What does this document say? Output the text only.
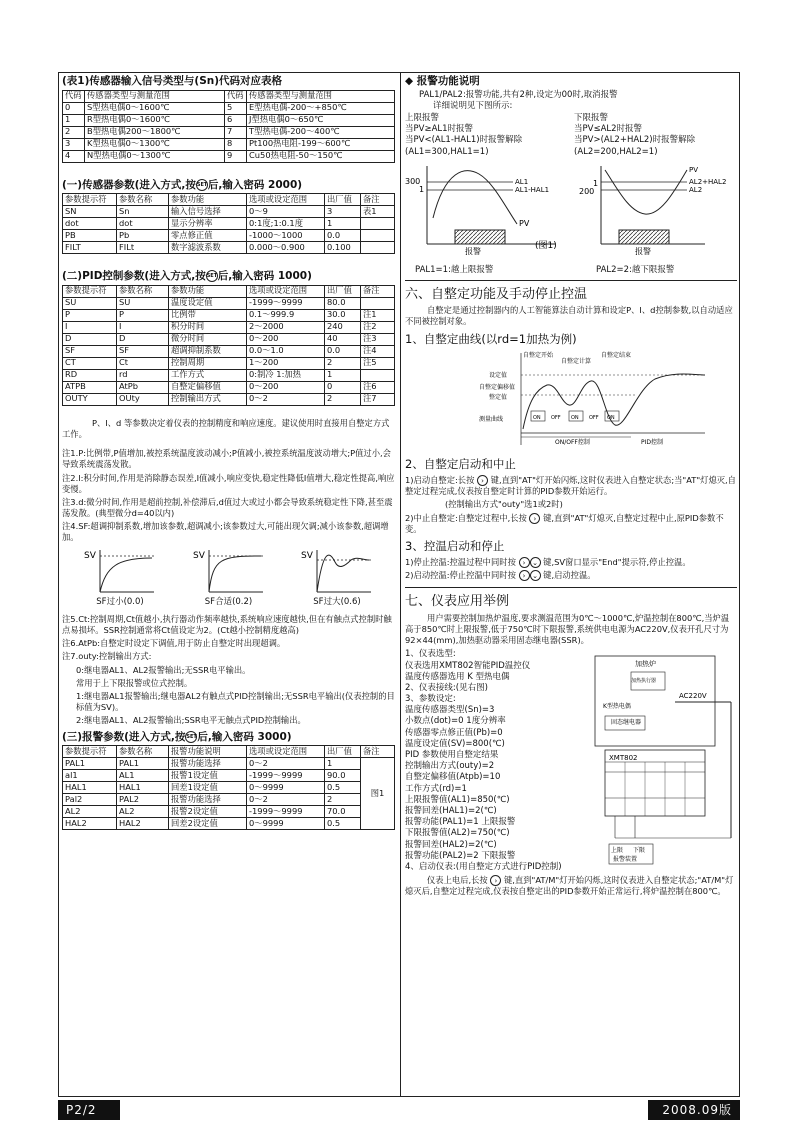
(表1)传感器输入信号类型与(Sn)代码对应表格
代码	传感器类型与测量范围	代码	传感器类型与测量范围
0	S型热电偶0～1600℃	5	E型热电偶-200～+850℃
1	R型热电偶0～1600℃	6	J型热电偶0～650℃
2	B型热电偶200～1800℃	7	T型热电偶-200～400℃
3	K型热电偶0～1300℃	8	Pt100热电阻-199～600℃
4	N型热电偶0～1300℃	9	Cu50热电阻-50～150℃
(一)传感器参数(进入方式,按SET后,输入密码 2000)
参数提示符	参数名称	参数功能	选项或设定范围	出厂值	备注
SN	Sn	输入信号选择	0～9	3	表1
dot	dot	显示分辨率	0:1度;1:0.1度	1	
PB	Pb	零点修正值	-1000～1000	0.0	
FILT	FILt	数字滤波系数	0.000～0.900	0.100	
(二)PID控制参数(进入方式,按SET后,输入密码 1000)
参数提示符	参数名称	参数功能	选项或设定范围	出厂值	备注
SU	SU	温度设定值	-1999～9999	80.0	
P	P	比例带	0.1～999.9	30.0	注1
I	I	积分时间	2～2000	240	注2
D	D	微分时间	0～200	40	注3
SF	SF	超调抑制系数	0.0～1.0	0.0	注4
CT	Ct	控制周期	1～200	2	注5
RD	rd	工作方式	0:制冷 1:加热	1	
ATPB	AtPb	自整定偏移值	0～200	0	注6
OUTY	OUty	控制输出方式	0～2	2	注7
P、I、d 等参数决定着仪表的控制精度和响应速度。建议使用时直接用自整定方式工作。
注1.P:比例带,P值增加,被控系统温度波动减小;P值减小,被控系统温度波动增大;P值过小,会导致系统震荡发散。
注2.I:积分时间,作用是消除静态误差,I值减小,响应变快,稳定性降低I值增大,稳定性提高,响应变慢。
注3.d:微分时间,作用是超前控制,补偿滞后,d值过大或过小都会导致系统稳定性下降,甚至震荡发散。(典型微分d=40以内)
注4.SF:超调抑制系数,增加该参数,超调减小;该参数过大,可能出现欠调;减小该参数,超调增加。
SV
SF过小(0.0)
SV
SF合适(0.2)
SV
SF过大(0.6)
注5.Ct:控制周期,Ct值越小,执行器动作频率越快,系统响应速度越快,但在有触点式控制时触点易损坏。SSR控制通常将Ct值设定为2。(Ct越小控制精度越高)
注6.AtPb:自整定时设定下调值,用于防止自整定时出现超调。
注7.outy:控制输出方式:
0:继电器AL1、AL2报警输出;无SSR电平输出。
常用于上下限报警或位式控制。
1:继电器AL1报警输出;继电器AL2有触点式PID控制输出;无SSR电平输出(仪表控制的目标值为SV)。
2:继电器AL1、AL2报警输出;SSR电平无触点式PID控制输出。
(三)报警参数(进入方式,按SET后,输入密码 3000)
参数提示符	参数名称	报警功能说明	选项或设定范围	出厂值	备注
PAL1	PAL1	报警功能选择	0～2	1	图1
al1	AL1	报警1设定值	-1999～9999	90.0	
HAL1	HAL1	回差1设定值	0～9999	0.5	
Pal2	PAL2	报警功能选择	0～2	2	
AL2	AL2	报警2设定值	-1999～9999	70.0	
HAL2	HAL2	回差2设定值	0～9999	0.5	
◆ 报警功能说明
PAL1/PAL2:报警功能,共有2种,设定为00时,取消报警
详细说明见下图所示:
上限报警
当PV≥AL1时报警
当PV<(AL1-HAL1)时报警解除
(AL1=300,HAL1=1)
下限报警
当PV≤AL2时报警
当PV>(AL2+HAL2)时报警解除
(AL2=200,HAL2=1)
300
1
AL1
AL1-HAL1
PV
报警
(图1)
1
200
PV
AL2+HAL2
AL2
报警
PAL1=1:越上限报警	PAL2=2:越下限报警
六、自整定功能及手动停止控温
自整定是通过控制器内的人工智能算法自动计算和设定P、I、d控制参数,以自动适应不同被控制对象。
1、自整定曲线(以rd=1加热为例)
自整定开始
自整定计算
自整定结束
设定值
自整定偏移值
整定值
测量曲线	ON OFF ON OFF ON
ON/OFF控制	PID控制
2、自整定启动和中止
1)启动自整定:长按 › 键,直到"AT"灯开始闪烁,这时仪表进入自整定状态;当"AT"灯熄灭,自整定过程完成,仪表按自整定时计算的PID参数开始运行。
(控制输出方式"outy"选1或2时)
2)中止自整定:自整定过程中,长按 › 键,直到"AT"灯熄灭,自整定过程中止,原PID参数不变。
3、控温启动和停止
1)停止控温:控温过程中同时按 › ⌄ 键,SV窗口显示"End"提示符,停止控温。
2)启动控温:停止控温中同时按 › ⌄ 键,启动控温。
七、仪表应用举例
用户需要控制加热炉温度,要求测温范围为0℃～1000℃,炉温控制在800℃,当炉温高于850℃时上限报警,低于750℃时下限报警,系统供电电源为AC220V,仪表开孔尺寸为92×44(mm),加热驱动器采用固态继电器(SSR)。
1、仪表选型:
仪表选用XMT802智能PID温控仪
温度传感器选用 K 型热电偶
2、仪表接线:(见右图)
3、参数设定:
温度传感器类型(Sn)=3
小数点(dot)=0 1度分辨率
传感器零点修正值(Pb)=0
温度设定值(SV)=800(℃)
PID 参数使用自整定结果
控制输出方式(outy)=2
自整定偏移值(Atpb)=10
工作方式(rd)=1
上限报警值(AL1)=850(℃)
报警回差(HAL1)=2(℃)
报警功能(PAL1)=1 上限报警
下限报警值(AL2)=750(℃)
报警回差(HAL2)=2(℃)
报警功能(PAL2)=2 下限报警
4、启动仪表:(用自整定方式进行PID控制)
加热炉
加热执行器
AC220V
K型热电偶
固态继电器
XMT802
上限 下限
报警装置
仪表上电后,长按 › 键,直到"AT/M"灯开始闪烁,这时仪表进入自整定状态;"AT/M"灯熄灭后,自整定过程完成,仪表按自整定出的PID参数开始正常运行,将炉温控制在800℃。
P2/2	2008.09版
